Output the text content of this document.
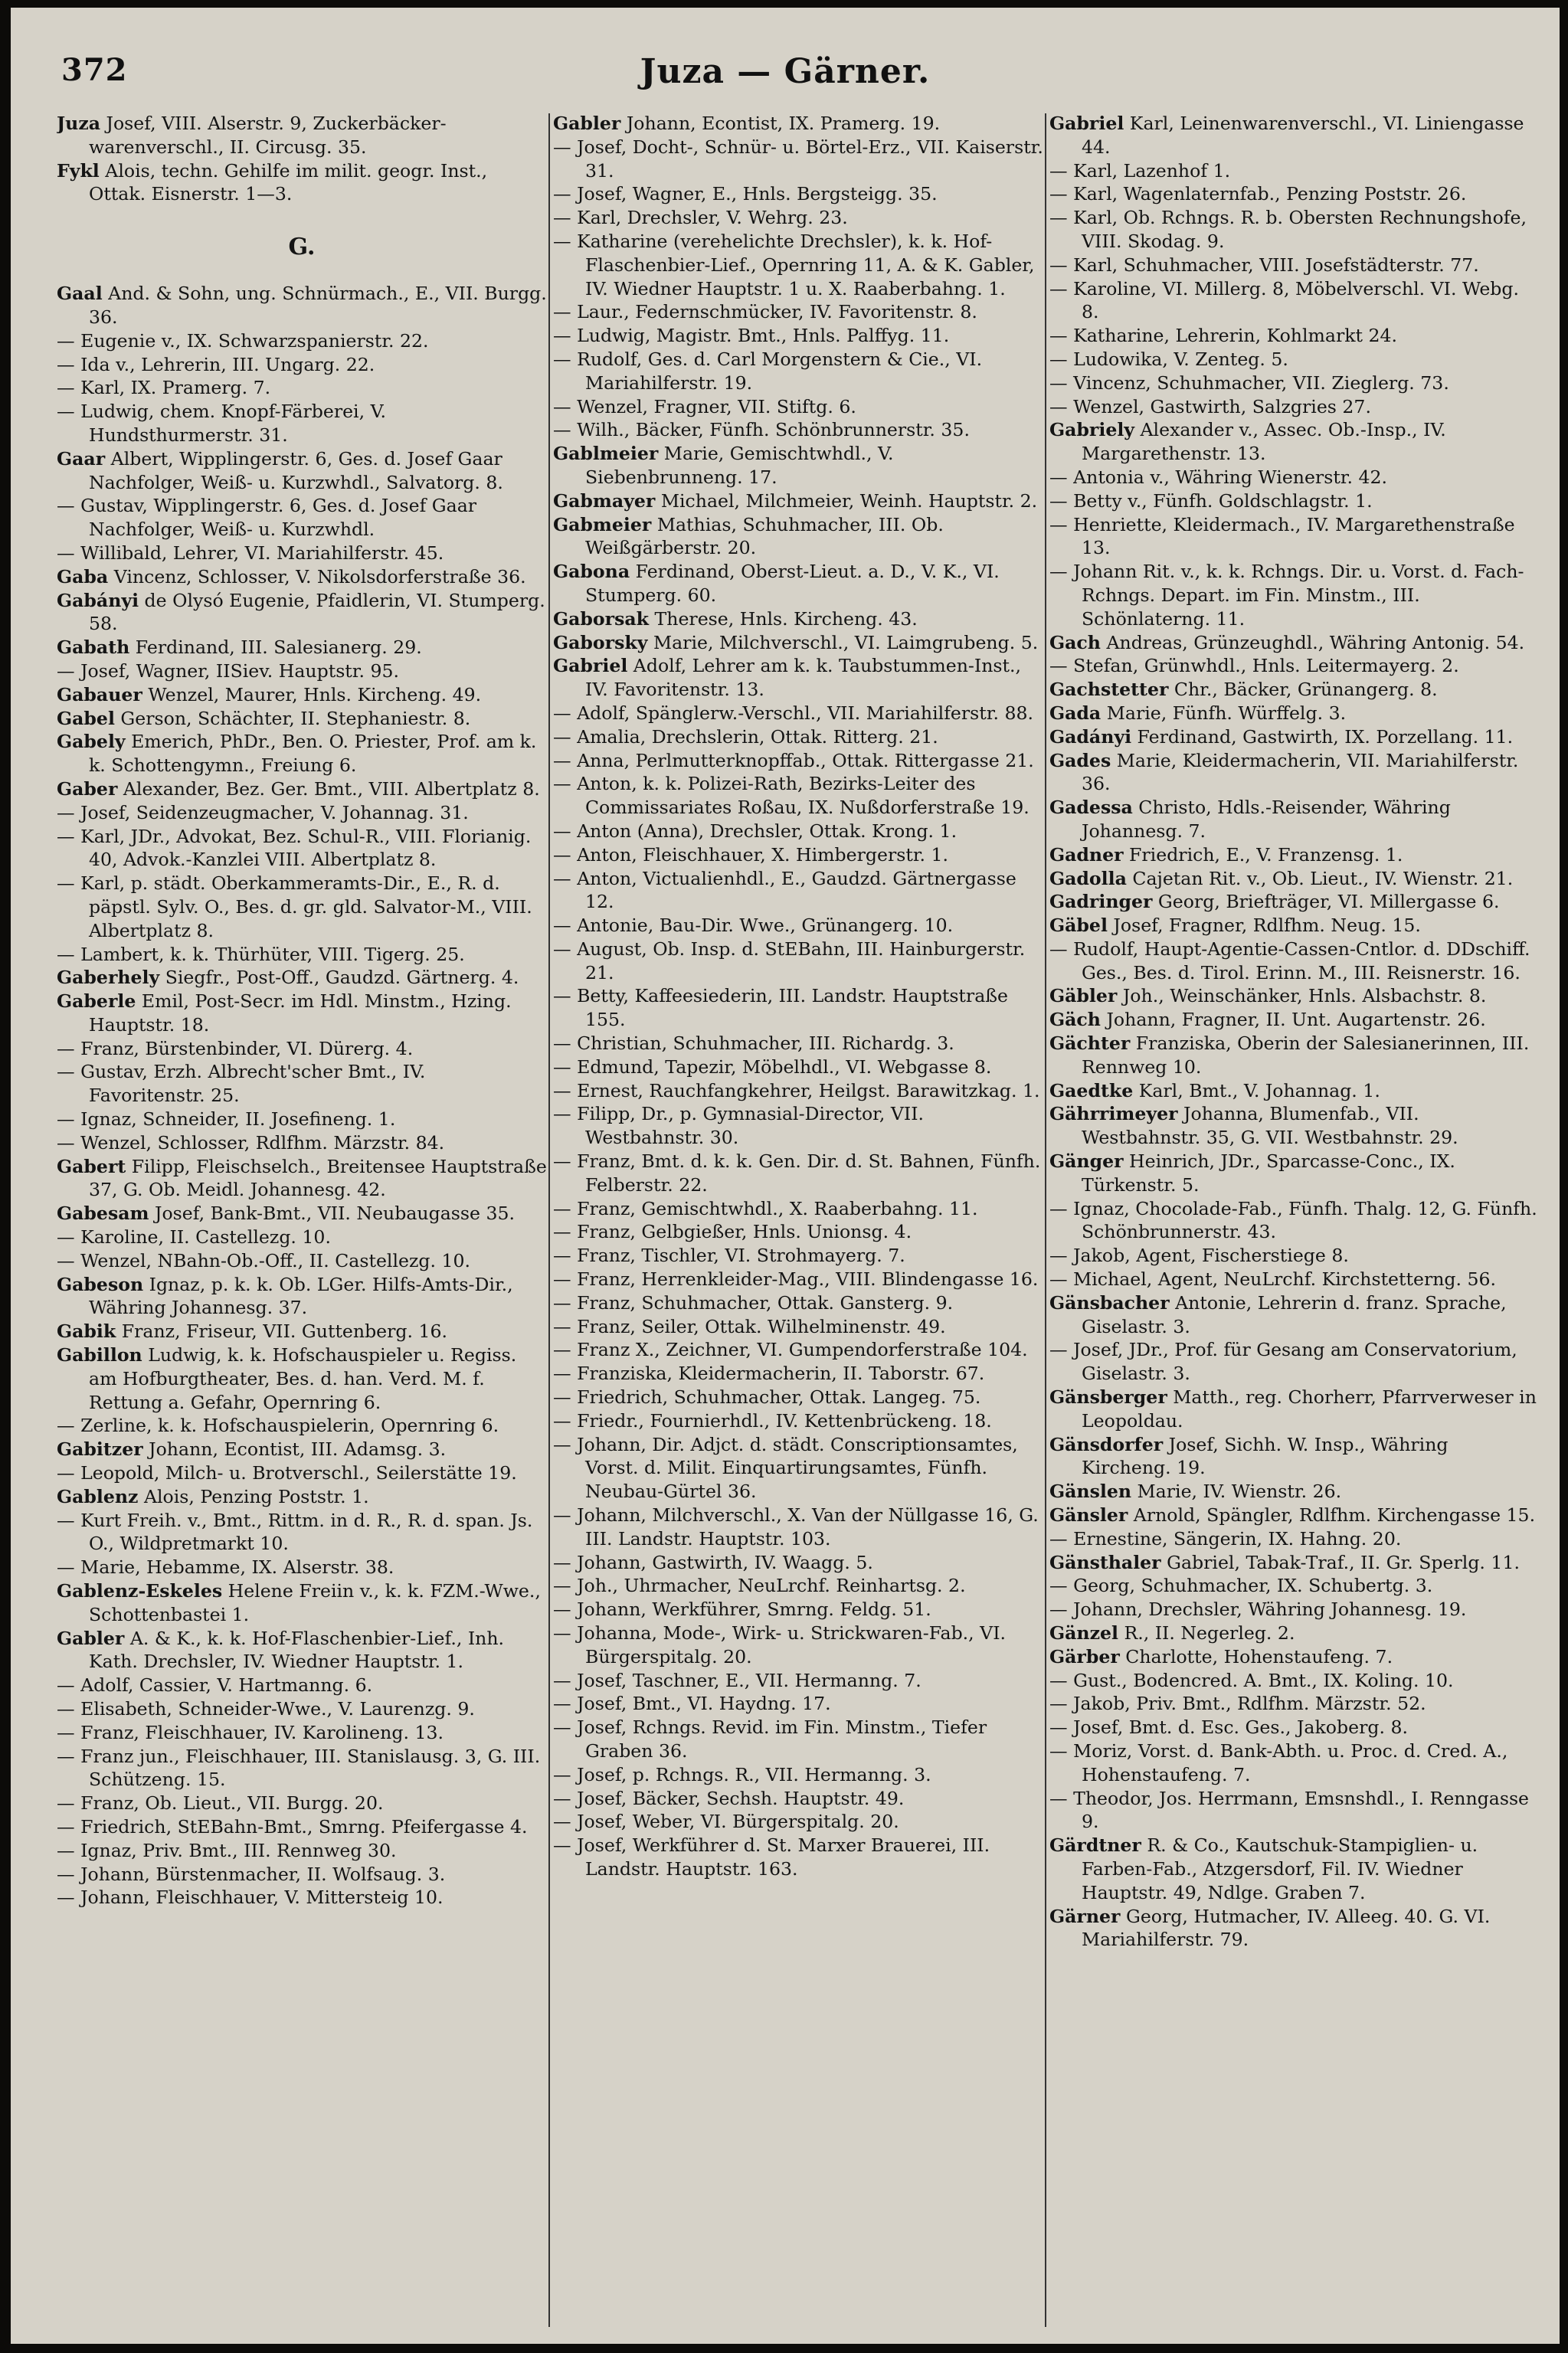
372	Juza — Gärner.

Juza Josef, VIII. Alserstr. 9, Zuckerbäcker-warenverschl., II. Circusg. 35.

Fykl Alois, techn. Gehilfe im milit. geogr. Inst., Ottak. Eisnerstr. 1—3.

G.

Gaal And. & Sohn, ung. Schnürmach., E., VII. Burgg. 36.

— Eugenie v., IX. Schwarzspanierstr. 22.

— Ida v., Lehrerin, III. Ungarg. 22.

— Karl, IX. Pramerg. 7.

— Ludwig, chem. Knopf-Färberei, V. Hundsthurmerstr. 31.

Gaar Albert, Wipplingerstr. 6, Ges. d. Josef Gaar Nachfolger, Weiß- u. Kurzwhdl., Salvatorg. 8.

— Gustav, Wipplingerstr. 6, Ges. d. Josef Gaar Nachfolger, Weiß- u. Kurzwhdl.

— Willibald, Lehrer, VI. Mariahilferstr. 45.

Gaba Vincenz, Schlosser, V. Nikolsdorferstraße 36.

Gabányi de Olysó Eugenie, Pfaidlerin, VI. Stumperg. 58.

Gabath Ferdinand, III. Salesianerg. 29.

— Josef, Wagner, IISiev. Hauptstr. 95.

Gabauer Wenzel, Maurer, Hnls. Kircheng. 49.

Gabel Gerson, Schächter, II. Stephaniestr. 8.

Gabely Emerich, PhDr., Ben. O. Priester, Prof. am k. k. Schottengymn., Freiung 6.

Gaber Alexander, Bez. Ger. Bmt., VIII. Albertplatz 8.

— Josef, Seidenzeugmacher, V. Johannag. 31.

— Karl, JDr., Advokat, Bez. Schul-R., VIII. Florianig. 40, Advok.-Kanzlei VIII. Albertplatz 8.

— Karl, p. städt. Oberkammeramts-Dir., E., R. d. päpstl. Sylv. O., Bes. d. gr. gld. Salvator-M., VIII. Albertplatz 8.

— Lambert, k. k. Thürhüter, VIII. Tigerg. 25.

Gaberhely Siegfr., Post-Off., Gaudzd. Gärtnerg. 4.

Gaberle Emil, Post-Secr. im Hdl. Minstm., Hzing. Hauptstr. 18.

— Franz, Bürstenbinder, VI. Dürerg. 4.

— Gustav, Erzh. Albrecht'scher Bmt., IV. Favoritenstr. 25.

— Ignaz, Schneider, II. Josefineng. 1.

— Wenzel, Schlosser, Rdlfhm. Märzstr. 84.

Gabert Filipp, Fleischselch., Breitensee Hauptstraße 37, G. Ob. Meidl. Johannesg. 42.

Gabesam Josef, Bank-Bmt., VII. Neubaugasse 35.

— Karoline, II. Castellezg. 10.

— Wenzel, NBahn-Ob.-Off., II. Castellezg. 10.

Gabeson Ignaz, p. k. k. Ob. LGer. Hilfs-Amts-Dir., Währing Johannesg. 37.

Gabik Franz, Friseur, VII. Guttenberg. 16.

Gabillon Ludwig, k. k. Hofschauspieler u. Regiss. am Hofburgtheater, Bes. d. han. Verd. M. f. Rettung a. Gefahr, Opernring 6.

— Zerline, k. k. Hofschauspielerin, Opernring 6.

Gabitzer Johann, Econtist, III. Adamsg. 3.

— Leopold, Milch- u. Brotverschl., Seilerstätte 19.

Gablenz Alois, Penzing Poststr. 1.

— Kurt Freih. v., Bmt., Rittm. in d. R., R. d. span. Js. O., Wildpretmarkt 10.

— Marie, Hebamme, IX. Alserstr. 38.

Gablenz-Eskeles Helene Freiin v., k. k. FZM.-Wwe., Schottenbastei 1.

Gabler A. & K., k. k. Hof-Flaschenbier-Lief., Inh. Kath. Drechsler, IV. Wiedner Hauptstr. 1.

— Adolf, Cassier, V. Hartmanng. 6.

— Elisabeth, Schneider-Wwe., V. Laurenzg. 9.

— Franz, Fleischhauer, IV. Karolineng. 13.

— Franz jun., Fleischhauer, III. Stanislausg. 3, G. III. Schützeng. 15.

— Franz, Ob. Lieut., VII. Burgg. 20.

— Friedrich, StEBahn-Bmt., Smrng. Pfeifergasse 4.

— Ignaz, Priv. Bmt., III. Rennweg 30.

— Johann, Bürstenmacher, II. Wolfsaug. 3.

— Johann, Fleischhauer, V. Mittersteig 10.

Gabler Johann, Econtist, IX. Pramerg. 19.

— Josef, Docht-, Schnür- u. Börtel-Erz., VII. Kaiserstr. 31.

— Josef, Wagner, E., Hnls. Bergsteigg. 35.

— Karl, Drechsler, V. Wehrg. 23.

— Katharine (verehelichte Drechsler), k. k. Hof-Flaschenbier-Lief., Opernring 11, A. & K. Gabler, IV. Wiedner Hauptstr. 1 u. X. Raaberbahng. 1.

— Laur., Federnschmücker, IV. Favoritenstr. 8.

— Ludwig, Magistr. Bmt., Hnls. Palffyg. 11.

— Rudolf, Ges. d. Carl Morgenstern & Cie., VI. Mariahilferstr. 19.

— Wenzel, Fragner, VII. Stiftg. 6.

— Wilh., Bäcker, Fünfh. Schönbrunnerstr. 35.

Gablmeier Marie, Gemischtwhdl., V. Siebenbrunneng. 17.

Gabmayer Michael, Milchmeier, Weinh. Hauptstr. 2.

Gabmeier Mathias, Schuhmacher, III. Ob. Weißgärberstr. 20.

Gabona Ferdinand, Oberst-Lieut. a. D., V. K., VI. Stumperg. 60.

Gaborsak Therese, Hnls. Kircheng. 43.

Gaborsky Marie, Milchverschl., VI. Laimgrubeng. 5.

Gabriel Adolf, Lehrer am k. k. Taubstummen-Inst., IV. Favoritenstr. 13.

— Adolf, Spänglerw.-Verschl., VII. Mariahilferstr. 88.

— Amalia, Drechslerin, Ottak. Ritterg. 21.

— Anna, Perlmutterknopffab., Ottak. Rittergasse 21.

— Anton, k. k. Polizei-Rath, Bezirks-Leiter des Commissariates Roßau, IX. Nußdorferstraße 19.

— Anton (Anna), Drechsler, Ottak. Krong. 1.

— Anton, Fleischhauer, X. Himbergerstr. 1.

— Anton, Victualienhdl., E., Gaudzd. Gärtnergasse 12.

— Antonie, Bau-Dir. Wwe., Grünangerg. 10.

— August, Ob. Insp. d. StEBahn, III. Hainburgerstr. 21.

— Betty, Kaffeesiederin, III. Landstr. Hauptstraße 155.

— Christian, Schuhmacher, III. Richardg. 3.

— Edmund, Tapezir, Möbelhdl., VI. Webgasse 8.

— Ernest, Rauchfangkehrer, Heilgst. Barawitzkag. 1.

— Filipp, Dr., p. Gymnasial-Director, VII. Westbahnstr. 30.

— Franz, Bmt. d. k. k. Gen. Dir. d. St. Bahnen, Fünfh. Felberstr. 22.

— Franz, Gemischtwhdl., X. Raaberbahng. 11.

— Franz, Gelbgießer, Hnls. Unionsg. 4.

— Franz, Tischler, VI. Strohmayerg. 7.

— Franz, Herrenkleider-Mag., VIII. Blindengasse 16.

— Franz, Schuhmacher, Ottak. Gansterg. 9.

— Franz, Seiler, Ottak. Wilhelminenstr. 49.

— Franz X., Zeichner, VI. Gumpendorferstraße 104.

— Franziska, Kleidermacherin, II. Taborstr. 67.

— Friedrich, Schuhmacher, Ottak. Langeg. 75.

— Friedr., Fournierhdl., IV. Kettenbrückeng. 18.

— Johann, Dir. Adjct. d. städt. Conscriptionsamtes, Vorst. d. Milit. Einquartirungsamtes, Fünfh. Neubau-Gürtel 36.

— Johann, Milchverschl., X. Van der Nüllgasse 16, G. III. Landstr. Hauptstr. 103.

— Johann, Gastwirth, IV. Waagg. 5.

— Joh., Uhrmacher, NeuLrchf. Reinhartsg. 2.

— Johann, Werkführer, Smrng. Feldg. 51.

— Johanna, Mode-, Wirk- u. Strickwaren-Fab., VI. Bürgerspitalg. 20.

— Josef, Taschner, E., VII. Hermanng. 7.

— Josef, Bmt., VI. Haydng. 17.

— Josef, Rchngs. Revid. im Fin. Minstm., Tiefer Graben 36.

— Josef, p. Rchngs. R., VII. Hermanng. 3.

— Josef, Bäcker, Sechsh. Hauptstr. 49.

— Josef, Weber, VI. Bürgerspitalg. 20.

— Josef, Werkführer d. St. Marxer Brauerei, III. Landstr. Hauptstr. 163.

Gabriel Karl, Leinenwarenverschl., VI. Liniengasse 44.

— Karl, Lazenhof 1.

— Karl, Wagenlaternfab., Penzing Poststr. 26.

— Karl, Ob. Rchngs. R. b. Obersten Rechnungshofe, VIII. Skodag. 9.

— Karl, Schuhmacher, VIII. Josefstädterstr. 77.

— Karoline, VI. Millerg. 8, Möbelverschl. VI. Webg. 8.

— Katharine, Lehrerin, Kohlmarkt 24.

— Ludowika, V. Zenteg. 5.

— Vincenz, Schuhmacher, VII. Zieglerg. 73.

— Wenzel, Gastwirth, Salzgries 27.

Gabriely Alexander v., Assec. Ob.-Insp., IV. Margarethenstr. 13.

— Antonia v., Währing Wienerstr. 42.

— Betty v., Fünfh. Goldschlagstr. 1.

— Henriette, Kleidermach., IV. Margarethenstraße 13.

— Johann Rit. v., k. k. Rchngs. Dir. u. Vorst. d. Fach-Rchngs. Depart. im Fin. Minstm., III. Schönlaterng. 11.

Gach Andreas, Grünzeughdl., Währing Antonig. 54.

— Stefan, Grünwhdl., Hnls. Leitermayerg. 2.

Gachstetter Chr., Bäcker, Grünangerg. 8.

Gada Marie, Fünfh. Würffelg. 3.

Gadányi Ferdinand, Gastwirth, IX. Porzellang. 11.

Gades Marie, Kleidermacherin, VII. Mariahilferstr. 36.

Gadessa Christo, Hdls.-Reisender, Währing Johannesg. 7.

Gadner Friedrich, E., V. Franzensg. 1.

Gadolla Cajetan Rit. v., Ob. Lieut., IV. Wienstr. 21.

Gadringer Georg, Briefträger, VI. Millergasse 6.

Gäbel Josef, Fragner, Rdlfhm. Neug. 15.

— Rudolf, Haupt-Agentie-Cassen-Cntlor. d. DDschiff. Ges., Bes. d. Tirol. Erinn. M., III. Reisnerstr. 16.

Gäbler Joh., Weinschänker, Hnls. Alsbachstr. 8.

Gäch Johann, Fragner, II. Unt. Augartenstr. 26.

Gächter Franziska, Oberin der Salesianerinnen, III. Rennweg 10.

Gaedtke Karl, Bmt., V. Johannag. 1.

Gährrimeyer Johanna, Blumenfab., VII. Westbahnstr. 35, G. VII. Westbahnstr. 29.

Gänger Heinrich, JDr., Sparcasse-Conc., IX. Türkenstr. 5.

— Ignaz, Chocolade-Fab., Fünfh. Thalg. 12, G. Fünfh. Schönbrunnerstr. 43.

— Jakob, Agent, Fischerstiege 8.

— Michael, Agent, NeuLrchf. Kirchstetterng. 56.

Gänsbacher Antonie, Lehrerin d. franz. Sprache, Giselastr. 3.

— Josef, JDr., Prof. für Gesang am Conservatorium, Giselastr. 3.

Gänsberger Matth., reg. Chorherr, Pfarrverweser in Leopoldau.

Gänsdorfer Josef, Sichh. W. Insp., Währing Kircheng. 19.

Gänslen Marie, IV. Wienstr. 26.

Gänsler Arnold, Spängler, Rdlfhm. Kirchengasse 15.

— Ernestine, Sängerin, IX. Hahng. 20.

Gänsthaler Gabriel, Tabak-Traf., II. Gr. Sperlg. 11.

— Georg, Schuhmacher, IX. Schubertg. 3.

— Johann, Drechsler, Währing Johannesg. 19.

Gänzel R., II. Negerleg. 2.

Gärber Charlotte, Hohenstaufeng. 7.

— Gust., Bodencred. A. Bmt., IX. Koling. 10.

— Jakob, Priv. Bmt., Rdlfhm. Märzstr. 52.

— Josef, Bmt. d. Esc. Ges., Jakoberg. 8.

— Moriz, Vorst. d. Bank-Abth. u. Proc. d. Cred. A., Hohenstaufeng. 7.

— Theodor, Jos. Herrmann, Emsnshdl., I. Renngasse 9.

Gärdtner R. & Co., Kautschuk-Stampiglien- u. Farben-Fab., Atzgersdorf, Fil. IV. Wiedner Hauptstr. 49, Ndlge. Graben 7.

Gärner Georg, Hutmacher, IV. Alleeg. 40. G. VI. Mariahilferstr. 79.
